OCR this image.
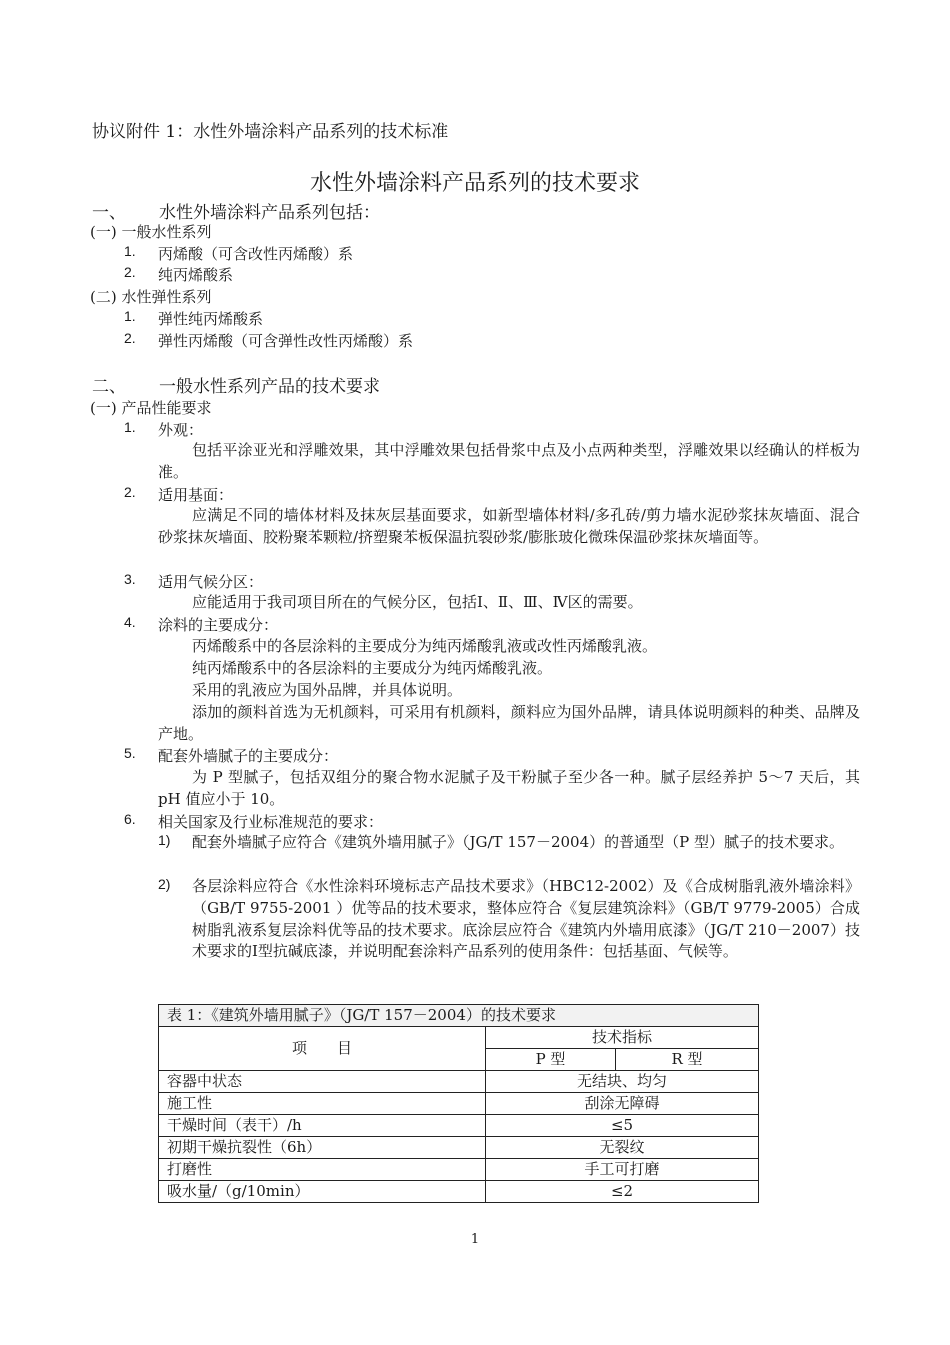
协议附件 1：水性外墙涂料产品系列的技术标准
水性外墙涂料产品系列的技术要求
一、 水性外墙涂料产品系列包括：
(一) 一般水性系列
1. 丙烯酸（可含改性丙烯酸）系
2. 纯丙烯酸系
(二) 水性弹性系列
1. 弹性纯丙烯酸系
2. 弹性丙烯酸（可含弹性改性丙烯酸）系
二、 一般水性系列产品的技术要求
(一) 产品性能要求
1. 外观：
包括平涂亚光和浮雕效果，其中浮雕效果包括骨浆中点及小点两种类型，浮雕效果以经确认的样板为准。
2. 适用基面：
应满足不同的墙体材料及抹灰层基面要求，如新型墙体材料/多孔砖/剪力墙水泥砂浆抹灰墙面、混合砂浆抹灰墙面、胶粉聚苯颗粒/挤塑聚苯板保温抗裂砂浆/膨胀玻化微珠保温砂浆抹灰墙面等。
3. 适用气候分区：
应能适用于我司项目所在的气候分区，包括Ⅰ、Ⅱ、Ⅲ、Ⅳ区的需要。
4. 涂料的主要成分：
丙烯酸系中的各层涂料的主要成分为纯丙烯酸乳液或改性丙烯酸乳液。
纯丙烯酸系中的各层涂料的主要成分为纯丙烯酸乳液。
采用的乳液应为国外品牌，并具体说明。
添加的颜料首选为无机颜料，可采用有机颜料，颜料应为国外品牌，请具体说明颜料的种类、品牌及产地。
5. 配套外墙腻子的主要成分：
为 P 型腻子，包括双组分的聚合物水泥腻子及干粉腻子至少各一种。腻子层经养护 5～7 天后，其 pH 值应小于 10。
6. 相关国家及行业标准规范的要求：
1) 配套外墙腻子应符合《建筑外墙用腻子》（JG/T 157－2004）的普通型（P 型）腻子的技术要求。
2) 各层涂料应符合《水性涂料环境标志产品技术要求》（HBC12-2002）及《合成树脂乳液外墙涂料》（GB/T 9755-2001 ）优等品的技术要求，整体应符合《复层建筑涂料》（GB/T 9779-2005）合成树脂乳液系复层涂料优等品的技术要求。底涂层应符合《建筑内外墙用底漆》（JG/T 210－2007）技术要求的Ⅰ型抗碱底漆，并说明配套涂料产品系列的使用条件：包括基面、气候等。
表 1：《建筑外墙用腻子》（JG/T 157－2004）的技术要求		
项　　目	技术指标	
	P 型	R 型
容器中状态	无结块、均匀	
施工性	刮涂无障碍	
干燥时间（表干）/h	≤5	
初期干燥抗裂性（6h）	无裂纹	
打磨性	手工可打磨	
吸水量/（g/10min）	≤2	
1
